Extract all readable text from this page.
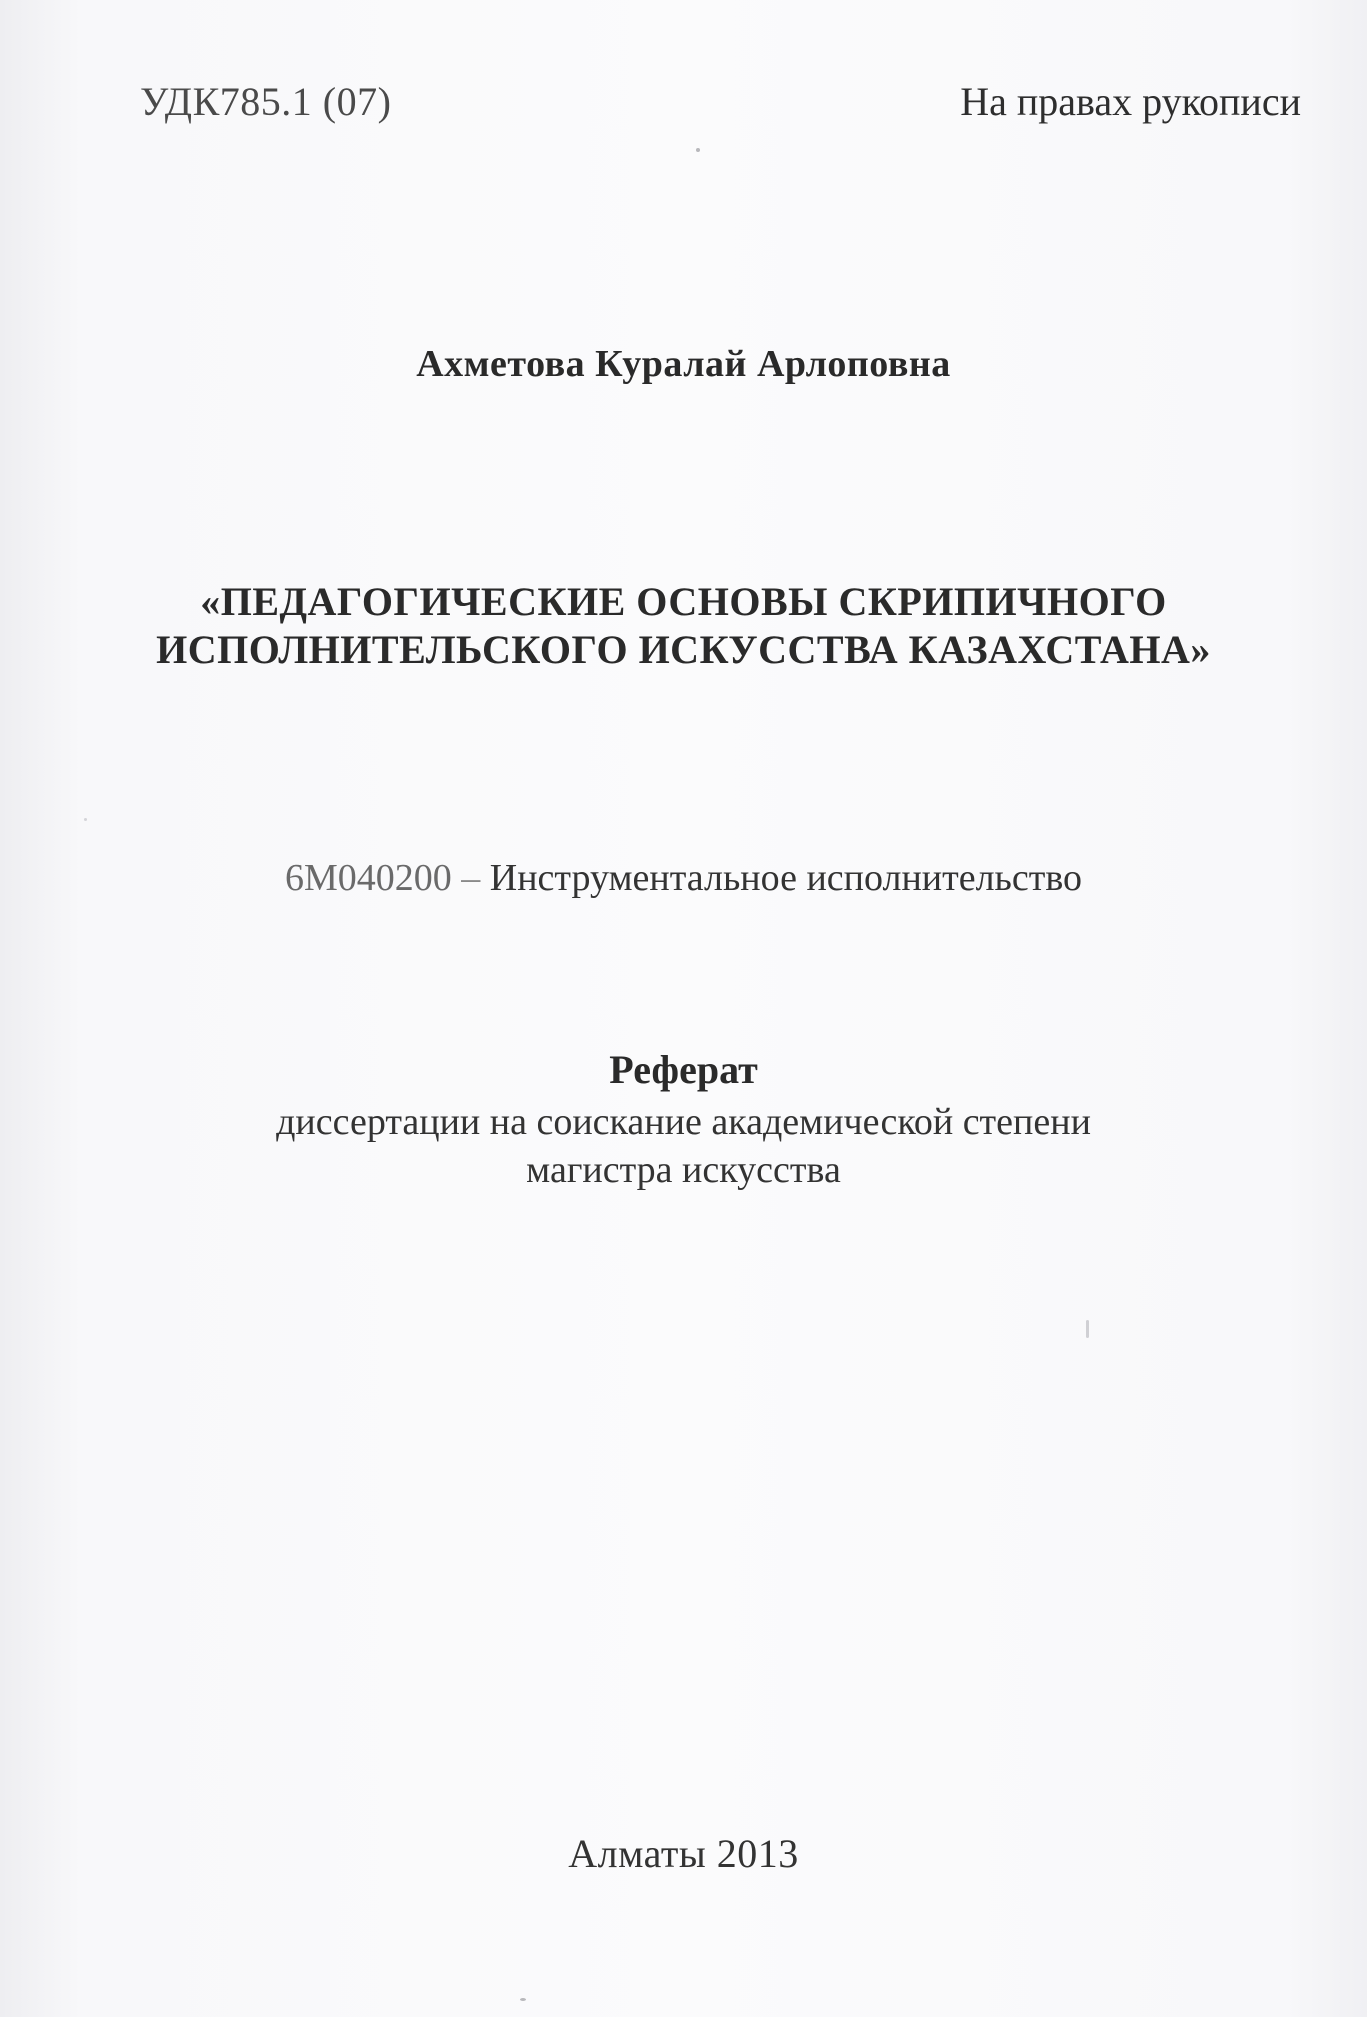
УДК785.1 (07)	На правах рукописи
Ахметова Куралай Арлоповна
«ПЕДАГОГИЧЕСКИЕ ОСНОВЫ СКРИПИЧНОГО
ИСПОЛНИТЕЛЬСКОГО ИСКУССТВА КАЗАХСТАНА»
6М040200 – Инструментальное исполнительство
Реферат
диссертации на соискание академической степени
магистра искусства
Алматы 2013
